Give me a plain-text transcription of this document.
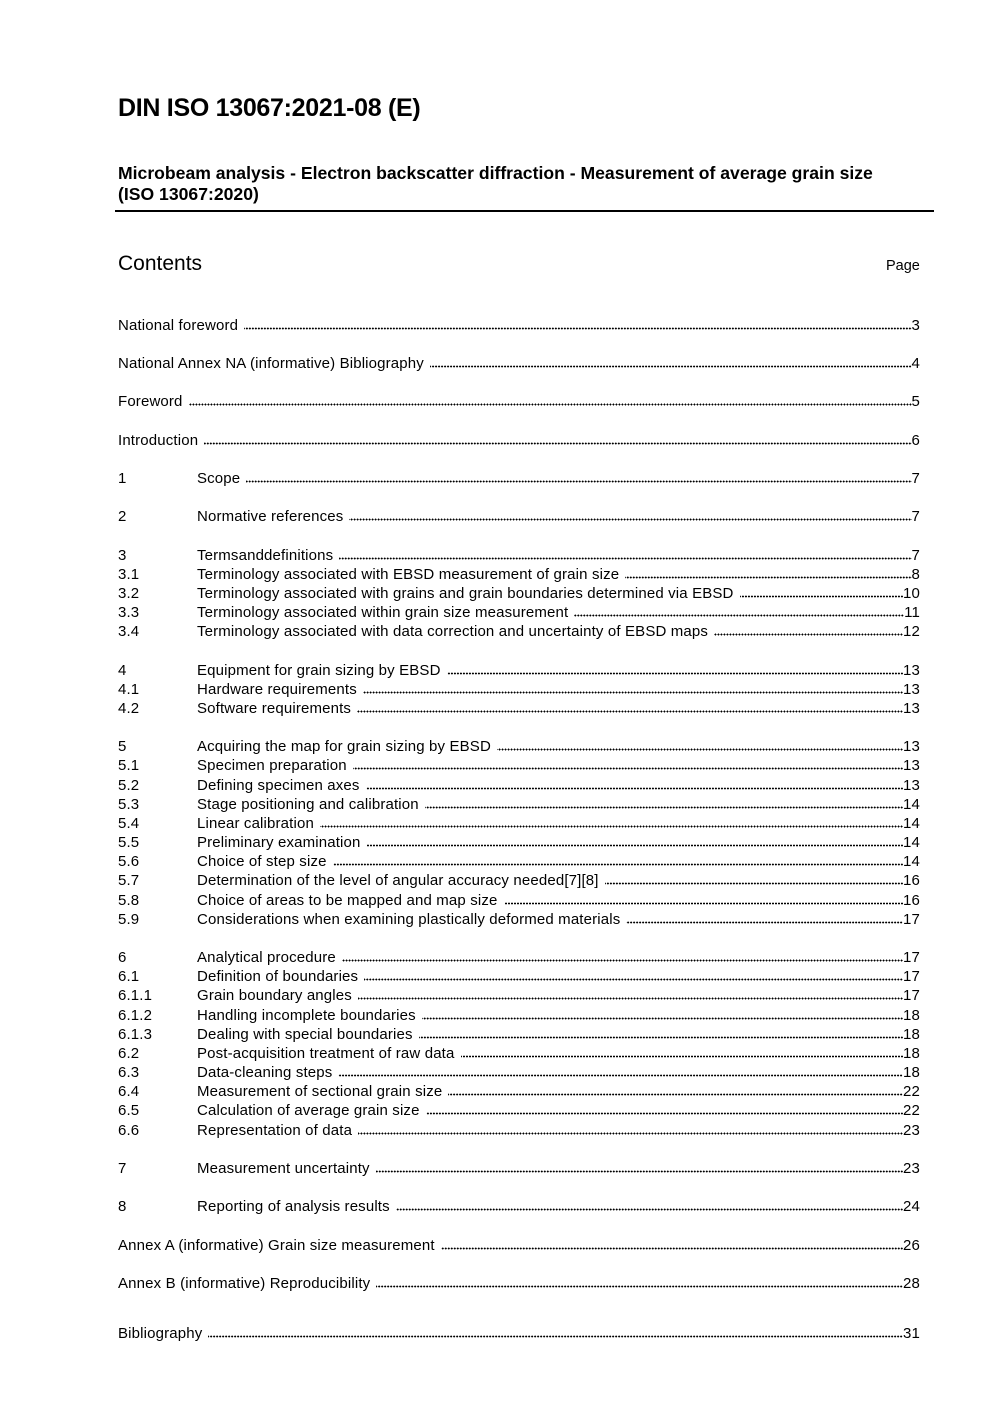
DIN ISO 13067:2021-08 (E)
Microbeam analysis - Electron backscatter diffraction - Measurement of average grain size (ISO 13067:2020)
Contents	Page
National foreword	3
National Annex NA (informative) Bibliography	4
Foreword	5
Introduction	6
1	Scope	7
2	Normative references	7
3	Termsanddefinitions	7
3.1	Terminology associated with EBSD measurement of grain size	8
3.2	Terminology associated with grains and grain boundaries determined via EBSD	10
3.3	Terminology associated within grain size measurement	11
3.4	Terminology associated with data correction and uncertainty of EBSD maps	12
4	Equipment for grain sizing by EBSD	13
4.1	Hardware requirements	13
4.2	Software requirements	13
5	Acquiring the map for grain sizing by EBSD	13
5.1	Specimen preparation	13
5.2	Defining specimen axes	13
5.3	Stage positioning and calibration	14
5.4	Linear calibration	14
5.5	Preliminary examination	14
5.6	Choice of step size	14
5.7	Determination of the level of angular accuracy needed[7][8]	16
5.8	Choice of areas to be mapped and map size	16
5.9	Considerations when examining plastically deformed materials	17
6	Analytical procedure	17
6.1	Definition of boundaries	17
6.1.1	Grain boundary angles	17
6.1.2	Handling incomplete boundaries	18
6.1.3	Dealing with special boundaries	18
6.2	Post-acquisition treatment of raw data	18
6.3	Data-cleaning steps	18
6.4	Measurement of sectional grain size	22
6.5	Calculation of average grain size	22
6.6	Representation of data	23
7	Measurement uncertainty	23
8	Reporting of analysis results	24
Annex A (informative) Grain size measurement	26
Annex B (informative) Reproducibility	28
Bibliography	31
